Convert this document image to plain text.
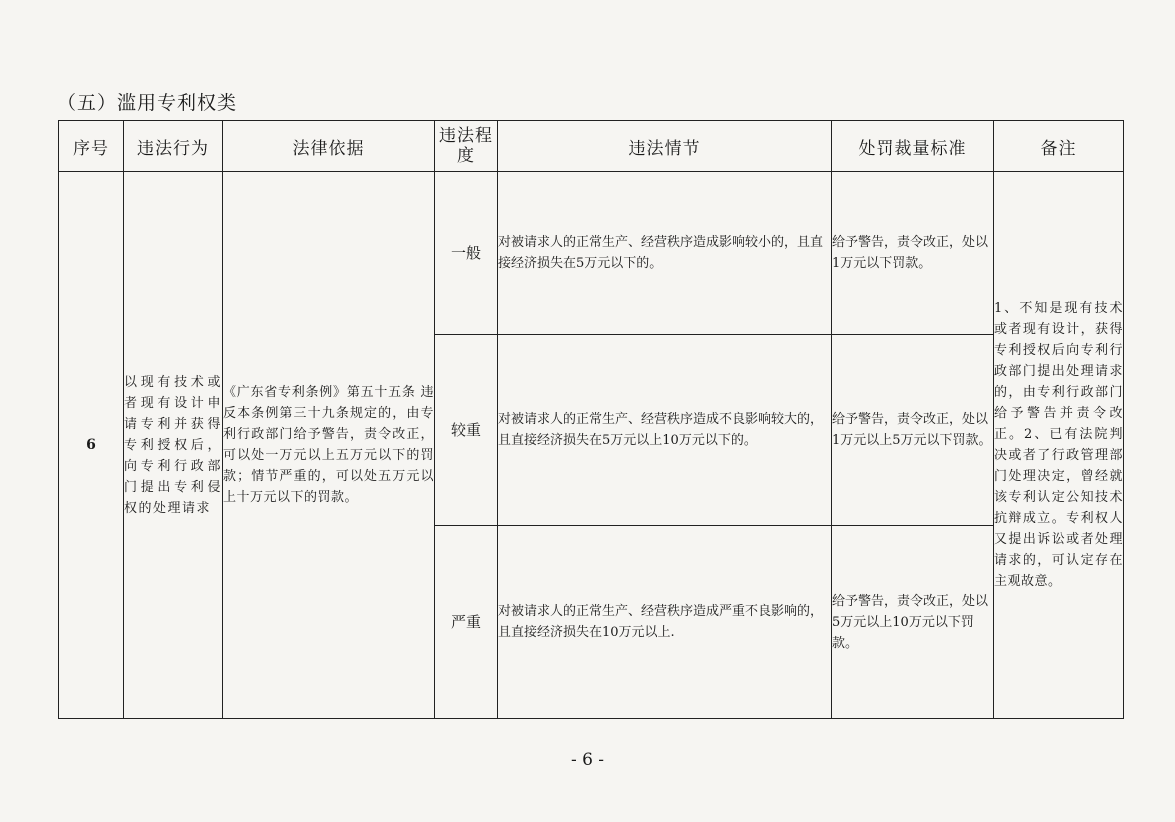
（五）滥用专利权类
序号	违法行为	法律依据	违法程度	违法情节	处罚裁量标准	备注
6	以现有技术或者现有设计申请专利并获得专利授权后，向专利行政部门提出专利侵权的处理请求	《广东省专利条例》第五十五条 违反本条例第三十九条规定的，由专利行政部门给予警告，责令改正，可以处一万元以上五万元以下的罚款；情节严重的，可以处五万元以上十万元以下的罚款。	一般	对被请求人的正常生产、经营秩序造成影响较小的，且直接经济损失在5万元以下的。	给予警告，责令改正，处以1万元以下罚款。	1、不知是现有技术或者现有设计，获得专利授权后向专利行政部门提出处理请求的，由专利行政部门给予警告并责令改正。2、已有法院判决或者了行政管理部门处理决定，曾经就该专利认定公知技术抗辩成立。专利权人又提出诉讼或者处理请求的，可认定存在主观故意。
			较重	对被请求人的正常生产、经营秩序造成不良影响较大的，且直接经济损失在5万元以上10万元以下的。	给予警告，责令改正，处以1万元以上5万元以下罚款。	
			严重	对被请求人的正常生产、经营秩序造成严重不良影响的，且直接经济损失在10万元以上.	给予警告，责令改正，处以5万元以上10万元以下罚款。	
- 6 -
